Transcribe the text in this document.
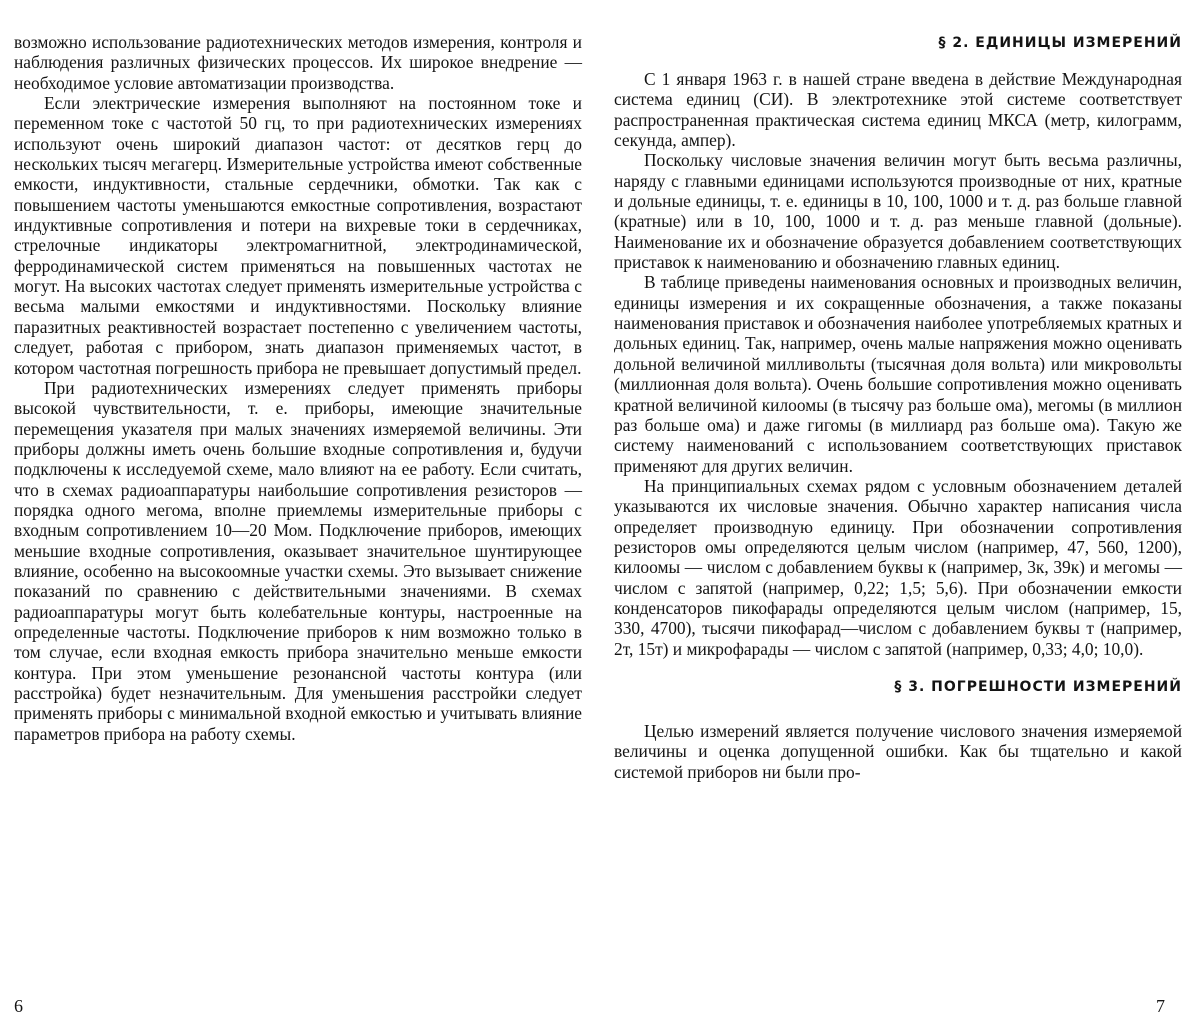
возможно использование радиотехнических методов измерения, контроля и наблюдения различных физических процессов. Их широкое внедрение — необходимое условие автоматизации производства.

Если электрические измерения выполняют на постоянном токе и переменном токе с частотой 50 гц, то при радиотехнических измерениях используют очень широкий диапазон частот: от десятков герц до нескольких тысяч мегагерц. Измерительные устройства имеют собственные емкости, индуктивности, стальные сердечники, обмотки. Так как с повышением частоты уменьшаются емкостные сопротивления, возрастают индуктивные сопротивления и потери на вихревые токи в сердечниках, стрелочные индикаторы электромагнитной, электродинамической, ферродинамической систем применяться на повышенных частотах не могут. На высоких частотах следует применять измерительные устройства с весьма малыми емкостями и индуктивностями. Поскольку влияние паразитных реактивностей возрастает постепенно с увеличением частоты, следует, работая с прибором, знать диапазон применяемых частот, в котором частотная погрешность прибора не превышает допустимый предел.

При радиотехнических измерениях следует применять приборы высокой чувствительности, т. е. приборы, имеющие значительные перемещения указателя при малых значениях измеряемой величины. Эти приборы должны иметь очень большие входные сопротивления и, будучи подключены к исследуемой схеме, мало влияют на ее работу. Если считать, что в схемах радиоаппаратуры наибольшие сопротивления резисторов — порядка одного мегома, вполне приемлемы измерительные приборы с входным сопротивлением 10—20 Мом. Подключение приборов, имеющих меньшие входные сопротивления, оказывает значительное шунтирующее влияние, особенно на высокоомные участки схемы. Это вызывает снижение показаний по сравнению с действительными значениями. В схемах радиоаппаратуры могут быть колебательные контуры, настроенные на определенные частоты. Подключение приборов к ним возможно только в том случае, если входная емкость прибора значительно меньше емкости контура. При этом уменьшение резонансной частоты контура (или расстройка) будет незначительным. Для уменьшения расстройки следует применять приборы с минимальной входной емкостью и учитывать влияние параметров прибора на работу схемы.

§ 2. ЕДИНИЦЫ ИЗМЕРЕНИЙ

С 1 января 1963 г. в нашей стране введена в действие Международная система единиц (СИ). В электротехнике этой системе соответствует распространенная практическая система единиц МКСА (метр, килограмм, секунда, ампер).

Поскольку числовые значения величин могут быть весьма различны, наряду с главными единицами используются производные от них, кратные и дольные единицы, т. е. единицы в 10, 100, 1000 и т. д. раз больше главной (кратные) или в 10, 100, 1000 и т. д. раз меньше главной (дольные). Наименование их и обозначение образуется добавлением соответствующих приставок к наименованию и обозначению главных единиц.

В таблице приведены наименования основных и производных величин, единицы измерения и их сокращенные обозначения, а также показаны наименования приставок и обозначения наиболее употребляемых кратных и дольных единиц. Так, например, очень малые напряжения можно оценивать дольной величиной милливольты (тысячная доля вольта) или микровольты (миллионная доля вольта). Очень большие сопротивления можно оценивать кратной величиной килоомы (в тысячу раз больше ома), мегомы (в миллион раз больше ома) и даже гигомы (в миллиард раз больше ома). Такую же систему наименований с использованием соответствующих приставок применяют для других величин.

На принципиальных схемах рядом с условным обозначением деталей указываются их числовые значения. Обычно характер написания числа определяет производную единицу. При обозначении сопротивления резисторов омы определяются целым числом (например, 47, 560, 1200), килоомы — числом с добавлением буквы к (например, 3к, 39к) и мегомы — числом с запятой (например, 0,22; 1,5; 5,6). При обозначении емкости конденсаторов пикофарады определяются целым числом (например, 15, 330, 4700), тысячи пикофарад—числом с добавлением буквы т (например, 2т, 15т) и микрофарады — числом с запятой (например, 0,33; 4,0; 10,0).

§ 3. ПОГРЕШНОСТИ ИЗМЕРЕНИЙ

Целью измерений является получение числового значения измеряемой величины и оценка допущенной ошибки. Как бы тщательно и какой системой приборов ни были про-

6	7
